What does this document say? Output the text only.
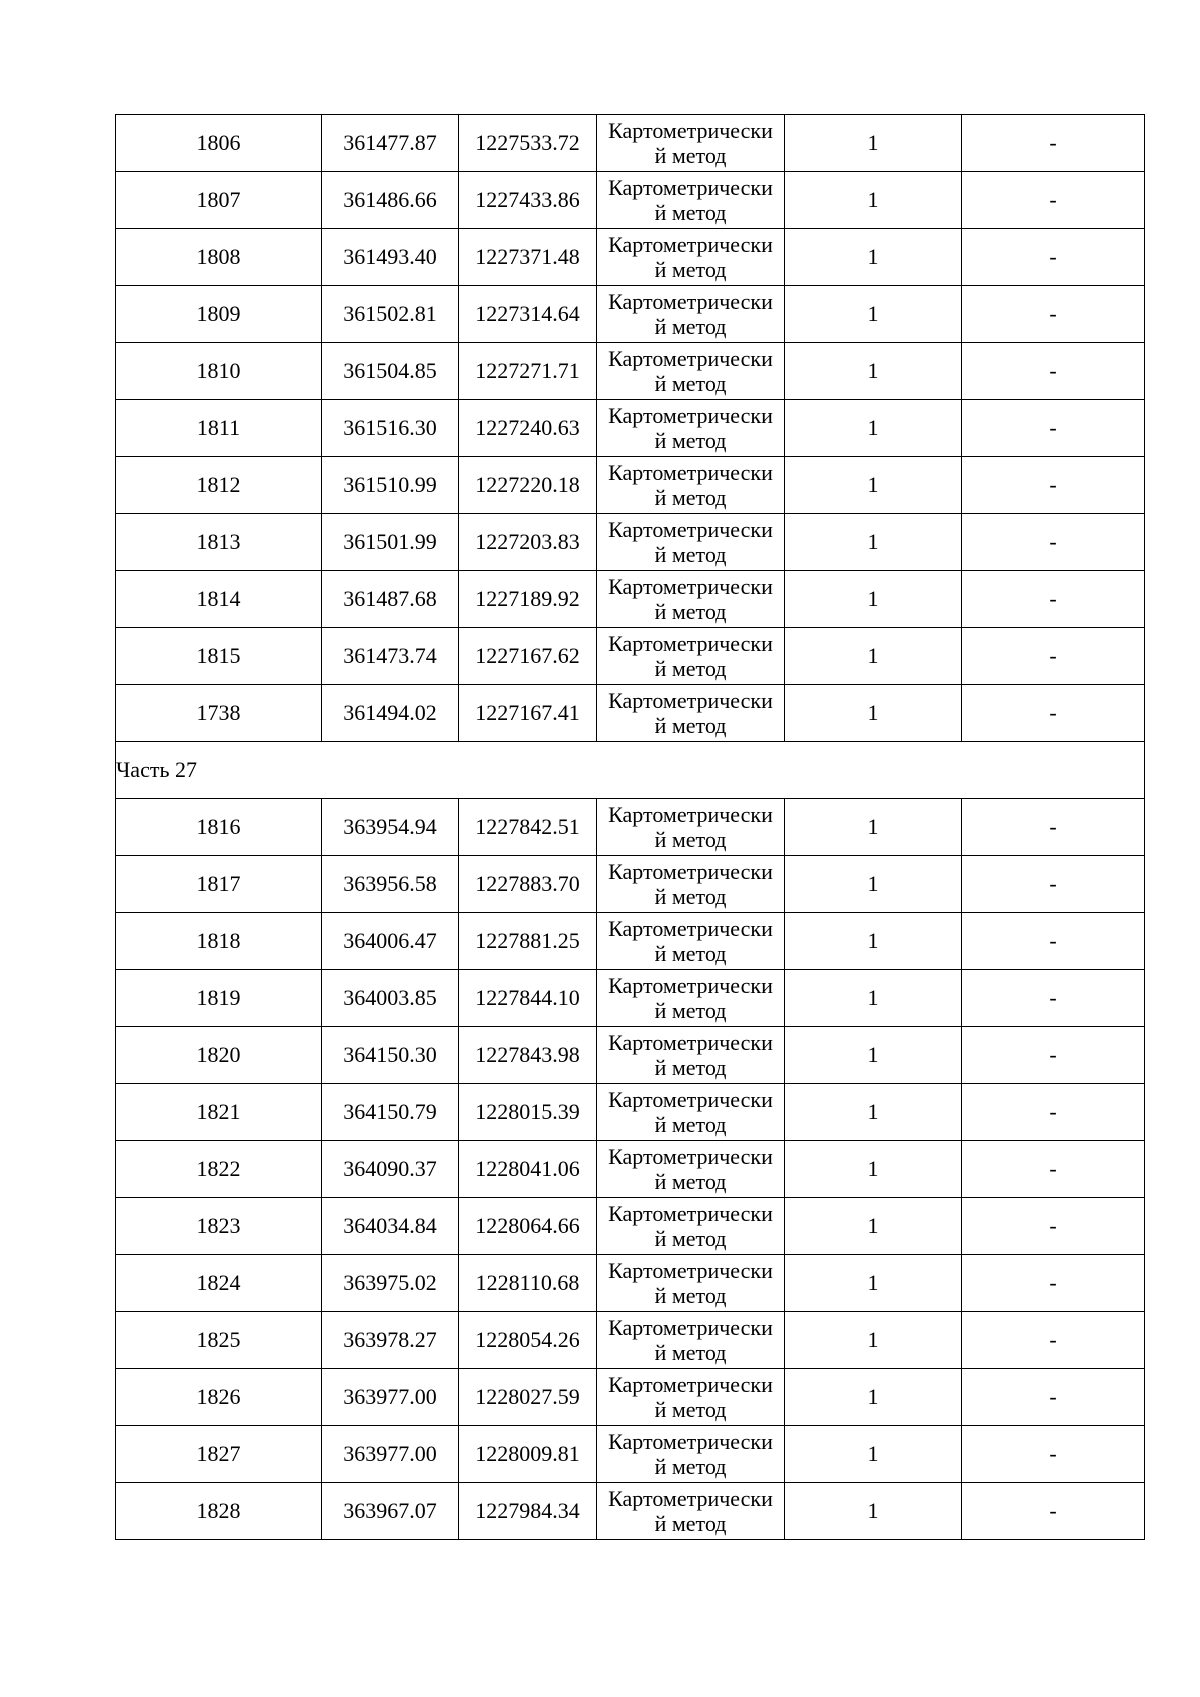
1806	361477.87	1227533.72	Картометрический метод	1	-
1807	361486.66	1227433.86	Картометрический метод	1	-
1808	361493.40	1227371.48	Картометрический метод	1	-
1809	361502.81	1227314.64	Картометрический метод	1	-
1810	361504.85	1227271.71	Картометрический метод	1	-
1811	361516.30	1227240.63	Картометрический метод	1	-
1812	361510.99	1227220.18	Картометрический метод	1	-
1813	361501.99	1227203.83	Картометрический метод	1	-
1814	361487.68	1227189.92	Картометрический метод	1	-
1815	361473.74	1227167.62	Картометрический метод	1	-
1738	361494.02	1227167.41	Картометрический метод	1	-
Часть 27					
1816	363954.94	1227842.51	Картометрический метод	1	-
1817	363956.58	1227883.70	Картометрический метод	1	-
1818	364006.47	1227881.25	Картометрический метод	1	-
1819	364003.85	1227844.10	Картометрический метод	1	-
1820	364150.30	1227843.98	Картометрический метод	1	-
1821	364150.79	1228015.39	Картометрический метод	1	-
1822	364090.37	1228041.06	Картометрический метод	1	-
1823	364034.84	1228064.66	Картометрический метод	1	-
1824	363975.02	1228110.68	Картометрический метод	1	-
1825	363978.27	1228054.26	Картометрический метод	1	-
1826	363977.00	1228027.59	Картометрический метод	1	-
1827	363977.00	1228009.81	Картометрический метод	1	-
1828	363967.07	1227984.34	Картометрический метод	1	-
